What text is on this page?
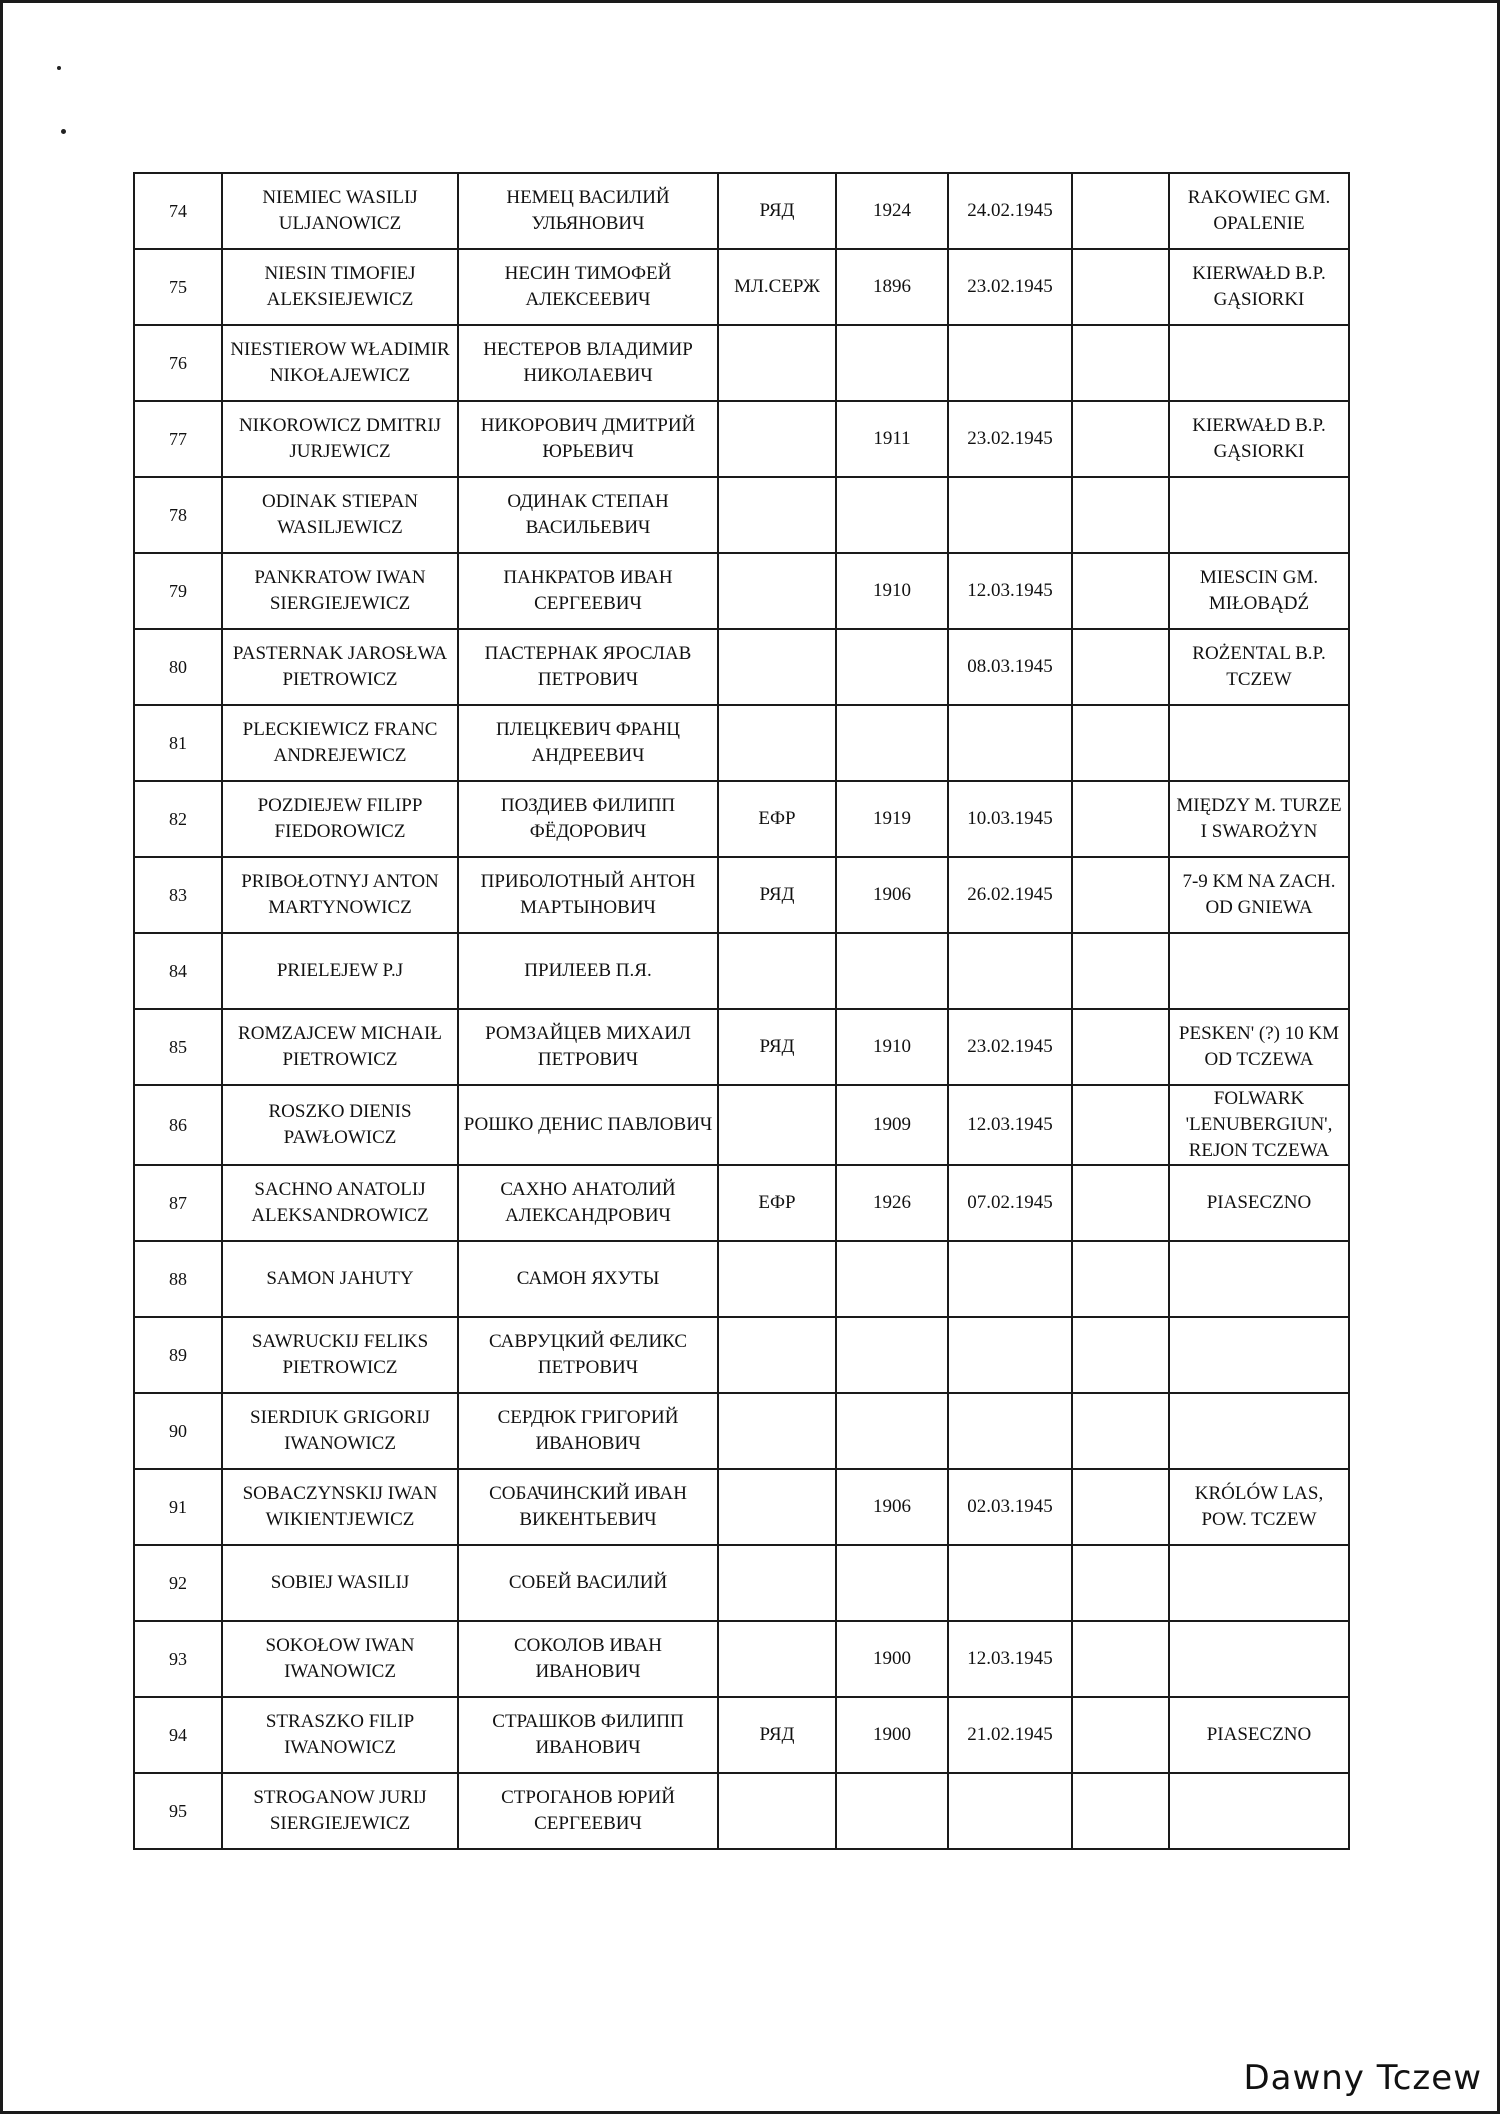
74	NIEMIEC WASILIJ ULJANOWICZ	НЕМЕЦ ВАСИЛИЙ УЛЬЯНОВИЧ	РЯД	1924	24.02.1945		RAKOWIEC GM. OPALENIE
75	NIESIN TIMOFIEJ ALEKSIEJEWICZ	НЕСИН ТИМОФЕЙ АЛЕКСЕЕВИЧ	МЛ.СЕРЖ	1896	23.02.1945		KIERWAŁD B.P. GĄSIORKI
76	NIESTIEROW WŁADIMIR NIKOŁAJEWICZ	НЕСТЕРОВ ВЛАДИМИР НИКОЛАЕВИЧ					
77	NIKOROWICZ DMITRIJ JURJEWICZ	НИКОРОВИЧ ДМИТРИЙ ЮРЬЕВИЧ		1911	23.02.1945		KIERWAŁD B.P. GĄSIORKI
78	ODINAK STIEPAN WASILJEWICZ	ОДИНАК СТЕПАН ВАСИЛЬЕВИЧ					
79	PANKRATOW IWAN SIERGIEJEWICZ	ПАНКРАТОВ ИВАН СЕРГЕЕВИЧ		1910	12.03.1945		MIESCIN GM. MIŁOBĄDŹ
80	PASTERNAK JAROSŁWA PIETROWICZ	ПАСТЕРНАК ЯРОСЛАВ ПЕТРОВИЧ			08.03.1945		ROŻENTAL B.P. TCZEW
81	PLECKIEWICZ FRANC ANDREJEWICZ	ПЛЕЦКЕВИЧ ФРАНЦ АНДРЕЕВИЧ					
82	POZDIEJEW FILIPP FIEDOROWICZ	ПОЗДИЕВ ФИЛИПП ФЁДОРОВИЧ	ЕФР	1919	10.03.1945		MIĘDZY M. TURZE I SWAROŻYN
83	PRIBOŁOTNYJ ANTON MARTYNOWICZ	ПРИБОЛОТНЫЙ АНТОН МАРТЫНОВИЧ	РЯД	1906	26.02.1945		7-9 KM NA ZACH. OD GNIEWA
84	PRIELEJEW P.J	ПРИЛЕЕВ П.Я.					
85	ROMZAJCEW MICHAIŁ PIETROWICZ	РОМЗАЙЦЕВ МИХАИЛ ПЕТРОВИЧ	РЯД	1910	23.02.1945		PESKEN' (?) 10 KM OD TCZEWA
86	ROSZKO DIENIS PAWŁOWICZ	РОШКО ДЕНИС ПАВЛОВИЧ		1909	12.03.1945		FOLWARK 'LENUBERGIUN', REJON TCZEWA
87	SACHNO ANATOLIJ ALEKSANDROWICZ	САХНО АНАТОЛИЙ АЛЕКСАНДРОВИЧ	ЕФР	1926	07.02.1945		PIASECZNO
88	SAMON JAHUTY	САМОН ЯХУТЫ					
89	SAWRUCKIJ FELIKS PIETROWICZ	САВРУЦКИЙ ФЕЛИКС ПЕТРОВИЧ					
90	SIERDIUK GRIGORIJ IWANOWICZ	СЕРДЮК ГРИГОРИЙ ИВАНОВИЧ					
91	SOBACZYNSKIJ IWAN WIKIENTJEWICZ	СОБАЧИНСКИЙ ИВАН ВИКЕНТЬЕВИЧ		1906	02.03.1945		KRÓLÓW LAS, POW. TCZEW
92	SOBIEJ WASILIJ	СОБЕЙ ВАСИЛИЙ					
93	SOKOŁOW IWAN IWANOWICZ	СОКОЛОВ ИВАН ИВАНОВИЧ		1900	12.03.1945		
94	STRASZKO FILIP IWANOWICZ	СТРАШКОВ ФИЛИПП ИВАНОВИЧ	РЯД	1900	21.02.1945		PIASECZNO
95	STROGANOW JURIJ SIERGIEJEWICZ	СТРОГАНОВ ЮРИЙ СЕРГЕЕВИЧ					
Dawny Tczew
